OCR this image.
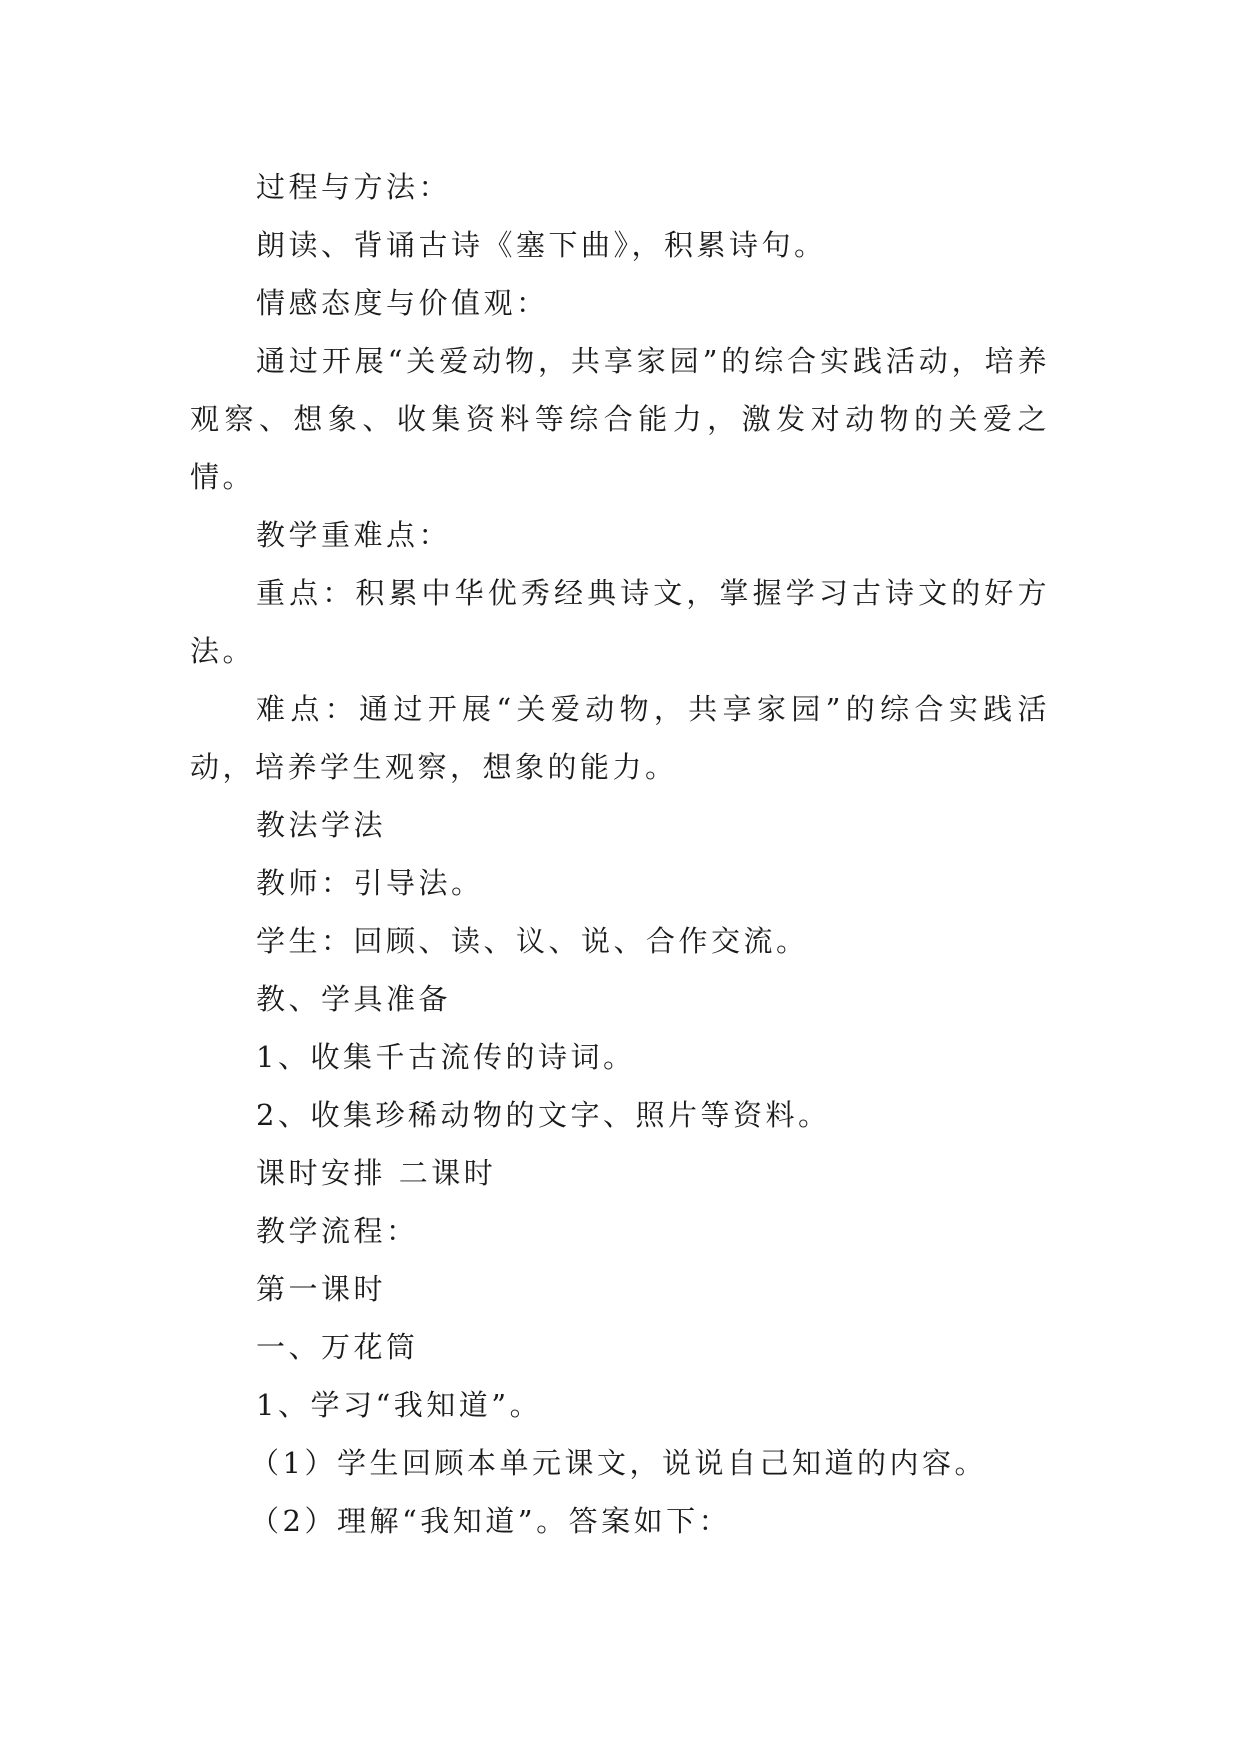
过程与方法：

朗读、背诵古诗《塞下曲》，积累诗句。

情感态度与价值观：

通过开展“关爱动物，共享家园”的综合实践活动，培养观察、想象、收集资料等综合能力，激发对动物的关爱之情。

教学重难点：

重点：积累中华优秀经典诗文，掌握学习古诗文的好方法。

难点：通过开展“关爱动物，共享家园”的综合实践活动，培养学生观察，想象的能力。

教法学法

教师：引导法。

学生：回顾、读、议、说、合作交流。

教、学具准备

1、收集千古流传的诗词。

2、收集珍稀动物的文字、照片等资料。

课时安排 二课时

教学流程：

第一课时

一、万花筒

1、学习“我知道”。

（1）学生回顾本单元课文，说说自己知道的内容。

（2）理解“我知道”。答案如下：
